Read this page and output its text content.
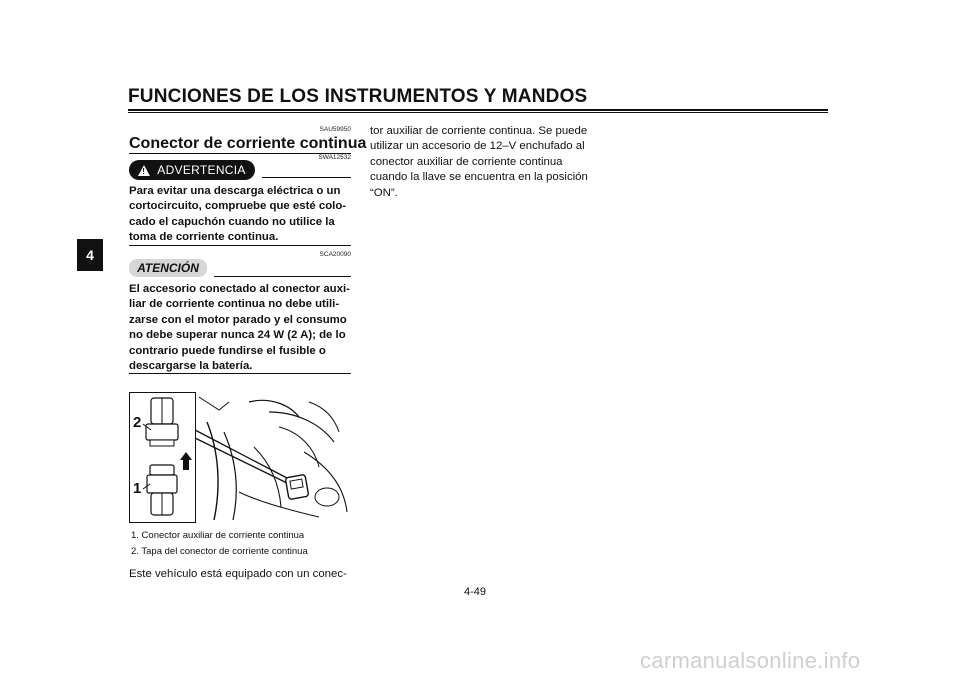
FUNCIONES DE LOS INSTRUMENTOS Y MANDOS
4
SAU59950
Conector de corriente continua
SWA12532
! ADVERTENCIA
Para evitar una descarga eléctrica o un
cortocircuito, compruebe que esté colo-
cado el capuchón cuando no utilice la
toma de corriente continua.
SCA20090
ATENCIÓN
El accesorio conectado al conector auxi-
liar de corriente continua no debe utili-
zarse con el motor parado y el consumo
no debe superar nunca 24 W (2 A); de lo
contrario puede fundirse el fusible o
descargarse la batería.
2
1
1. Conector auxiliar de corriente continua
2. Tapa del conector de corriente continua
Este vehículo está equipado con un conec-
tor auxiliar de corriente continua. Se puede
utilizar un accesorio de 12–V enchufado al
conector auxiliar de corriente continua
cuando la llave se encuentra en la posición
“ON”.
4-49
carmanualsonline.info
